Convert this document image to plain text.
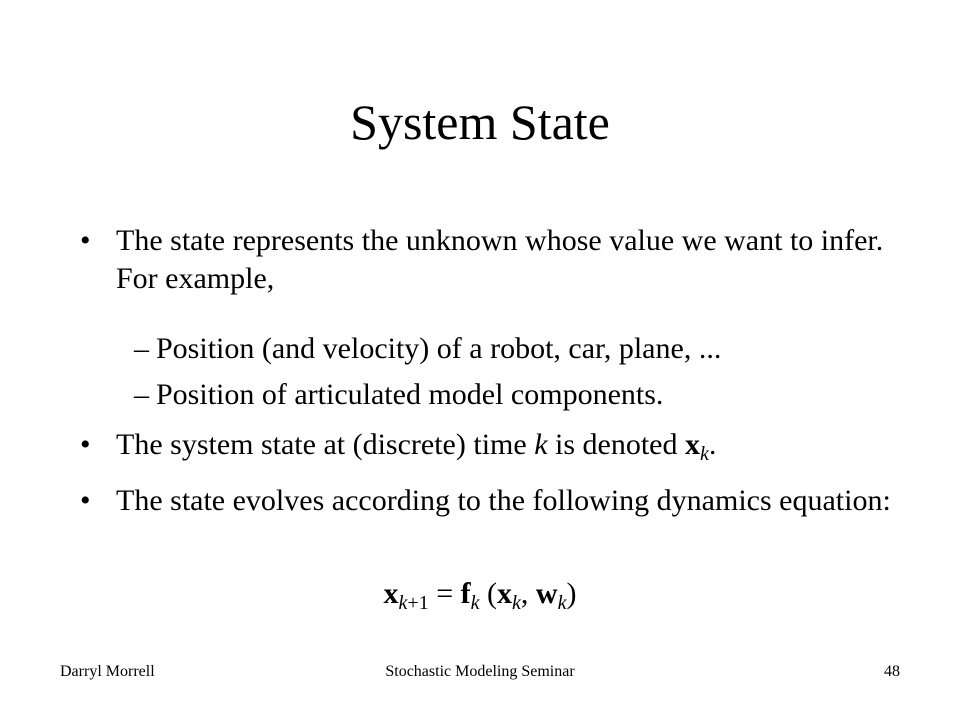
System State
• The state represents the unknown whose value we want to infer. For example,
– Position (and velocity) of a robot, car, plane, ...
– Position of articulated model components.
• The system state at (discrete) time k is denoted $x_k$.
• The state evolves according to the following dynamics equation:
$x_{k+1} = f_k$ ($x_k$, $w_k$)
Darryl Morrell	Stochastic Modeling Seminar	48
